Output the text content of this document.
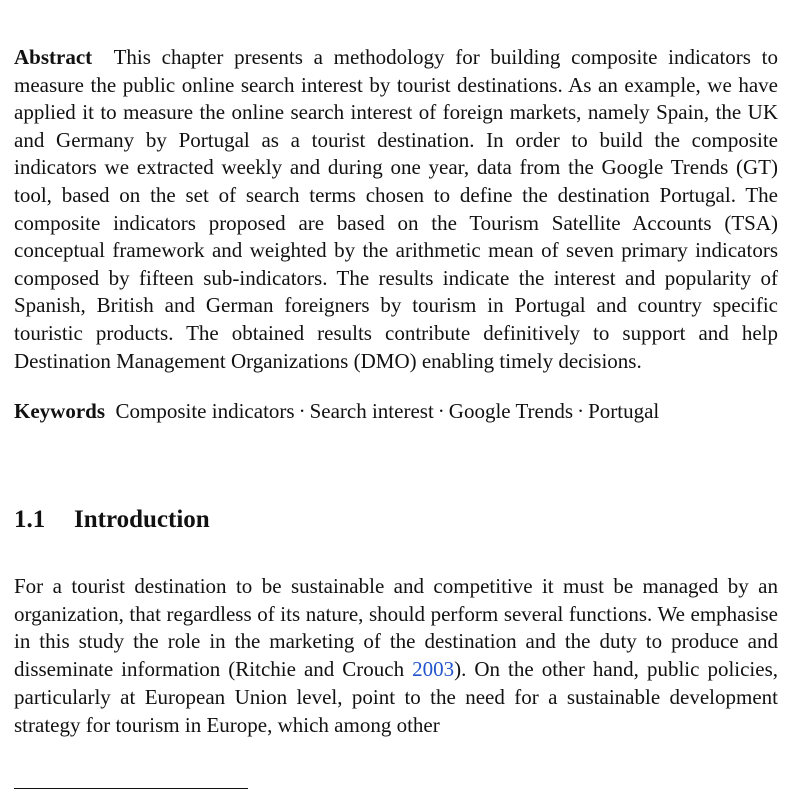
Abstract This chapter presents a methodology for building composite indicators to measure the public online search interest by tourist destinations. As an example, we have applied it to measure the online search interest of foreign markets, namely Spain, the UK and Germany by Portugal as a tourist destination. In order to build the composite indicators we extracted weekly and during one year, data from the Google Trends (GT) tool, based on the set of search terms chosen to define the destination Portugal. The composite indicators proposed are based on the Tourism Satellite Accounts (TSA) conceptual framework and weighted by the arithmetic mean of seven primary indicators composed by fifteen sub-indicators. The results indicate the interest and popularity of Spanish, British and German foreigners by tourism in Portugal and country specific touristic products. The obtained results contribute definitively to support and help Destination Management Organizations (DMO) enabling timely decisions.

Keywords Composite indicators · Search interest · Google Trends · Portugal

1.1 Introduction

For a tourist destination to be sustainable and competitive it must be managed by an organization, that regardless of its nature, should perform several functions. We emphasise in this study the role in the marketing of the destination and the duty to produce and disseminate information (Ritchie and Crouch 2003). On the other hand, public policies, particularly at European Union level, point to the need for a sustainable development strategy for tourism in Europe, which among other
